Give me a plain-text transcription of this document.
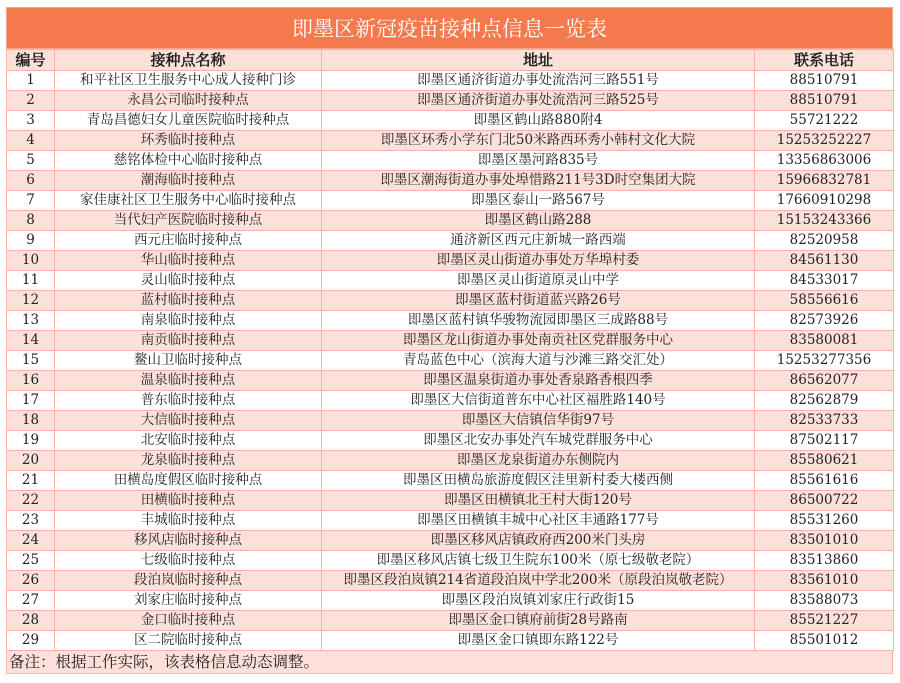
即墨区新冠疫苗接种点信息一览表
编号	接种点名称	地址	联系电话
1	和平社区卫生服务中心成人接种门诊	即墨区通济街道办事处流浩河三路551号	88510791
2	永昌公司临时接种点	即墨区通济街道办事处流浩河三路525号	88510791
3	青岛昌德妇女儿童医院临时接种点	即墨区鹤山路880附4	55721222
4	环秀临时接种点	即墨区环秀小学东门北50米路西环秀小韩村文化大院	15253252227
5	慈铭体检中心临时接种点	即墨区墨河路835号	13356863006
6	潮海临时接种点	即墨区潮海街道办事处埠惜路211号3D时空集团大院	15966832781
7	家佳康社区卫生服务中心临时接种点	即墨区泰山一路567号	17660910298
8	当代妇产医院临时接种点	即墨区鹤山路288	15153243366
9	西元庄临时接种点	通济新区西元庄新城一路西端	82520958
10	华山临时接种点	即墨区灵山街道办事处万华埠村委	84561130
11	灵山临时接种点	即墨区灵山街道原灵山中学	84533017
12	蓝村临时接种点	即墨区蓝村街道蓝兴路26号	58556616
13	南泉临时接种点	即墨区蓝村镇华骏物流园即墨区三成路88号	82573926
14	南贡临时接种点	即墨区龙山街道办事处南贡社区党群服务中心	83580081
15	鳌山卫临时接种点	青岛蓝色中心（滨海大道与沙滩三路交汇处）	15253277356
16	温泉临时接种点	即墨区温泉街道办事处香泉路香根四季	86562077
17	普东临时接种点	即墨区大信街道普东中心社区福胜路140号	82562879
18	大信临时接种点	即墨区大信镇信华街97号	82533733
19	北安临时接种点	即墨区北安办事处汽车城党群服务中心	87502117
20	龙泉临时接种点	即墨区龙泉街道办东侧院内	85580621
21	田横岛度假区临时接种点	即墨区田横岛旅游度假区洼里新村委大楼西侧	85561616
22	田横临时接种点	即墨区田横镇北王村大街120号	86500722
23	丰城临时接种点	即墨区田横镇丰城中心社区丰通路177号	85531260
24	移风店临时接种点	即墨区移风店镇政府西200米门头房	83501010
25	七级临时接种点	即墨区移风店镇七级卫生院东100米（原七级敬老院）	83513860
26	段泊岚临时接种点	即墨区段泊岚镇214省道段泊岚中学北200米（原段泊岚敬老院）	83561010
27	刘家庄临时接种点	即墨区段泊岚镇刘家庄行政街15	83588073
28	金口临时接种点	即墨区金口镇府前街28号路南	85521227
29	区二院临时接种点	即墨区金口镇即东路122号	85501012
备注：根据工作实际，该表格信息动态调整。
